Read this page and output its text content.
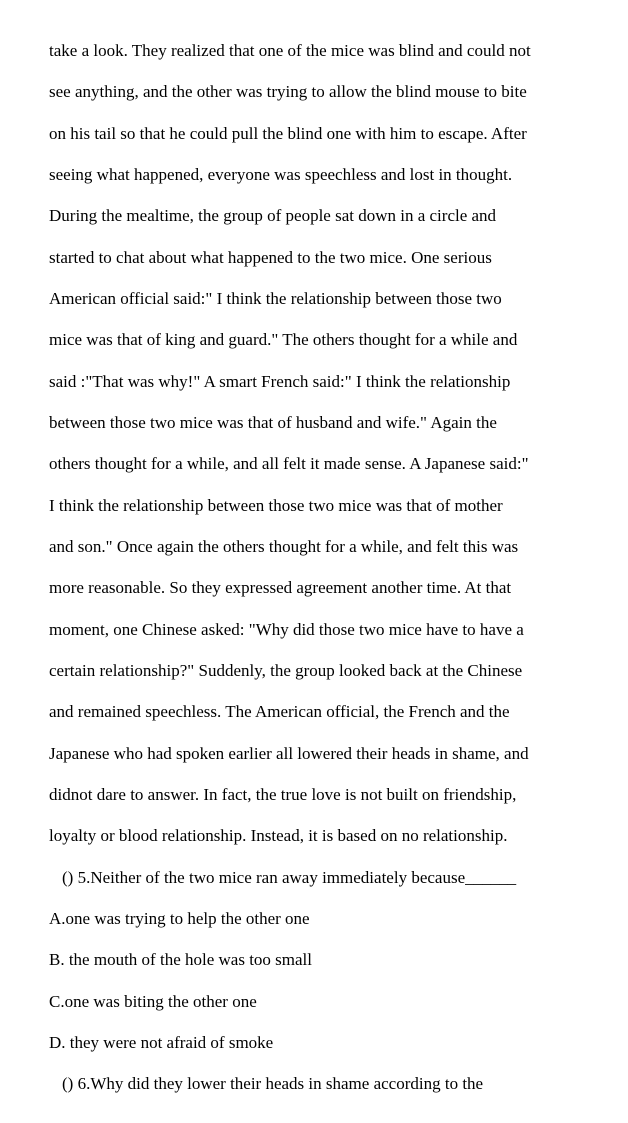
take a look. They realized that one of the mice was blind and could not
see anything, and the other was trying to allow the blind mouse to bite
on his tail so that he could pull the blind one with him to escape. After
seeing what happened, everyone was speechless and lost in thought.
During the mealtime, the group of people sat down in a circle and
started to chat about what happened to the two mice. One serious
American official said:" I think the relationship between those two
mice was that of king and guard." The others thought for a while and
said :"That was why!" A smart French said:" I think the relationship
between those two mice was that of husband and wife." Again the
others thought for a while, and all felt it made sense. A Japanese said:"
I think the relationship between those two mice was that of mother
and son." Once again the others thought for a while, and felt this was
more reasonable. So they expressed agreement another time. At that
moment, one Chinese asked: "Why did those two mice have to have a
certain relationship?" Suddenly, the group looked back at the Chinese
and remained speechless. The American official, the French and the
Japanese who had spoken earlier all lowered their heads in shame, and
didnot dare to answer. In fact, the true love is not built on friendship,
loyalty or blood relationship. Instead, it is based on no relationship.
() 5.Neither of the two mice ran away immediately because______
A.one was trying to help the other one
B. the mouth of the hole was too small
C.one was biting the other one
D. they were not afraid of smoke
() 6.Why did they lower their heads in shame according to the
